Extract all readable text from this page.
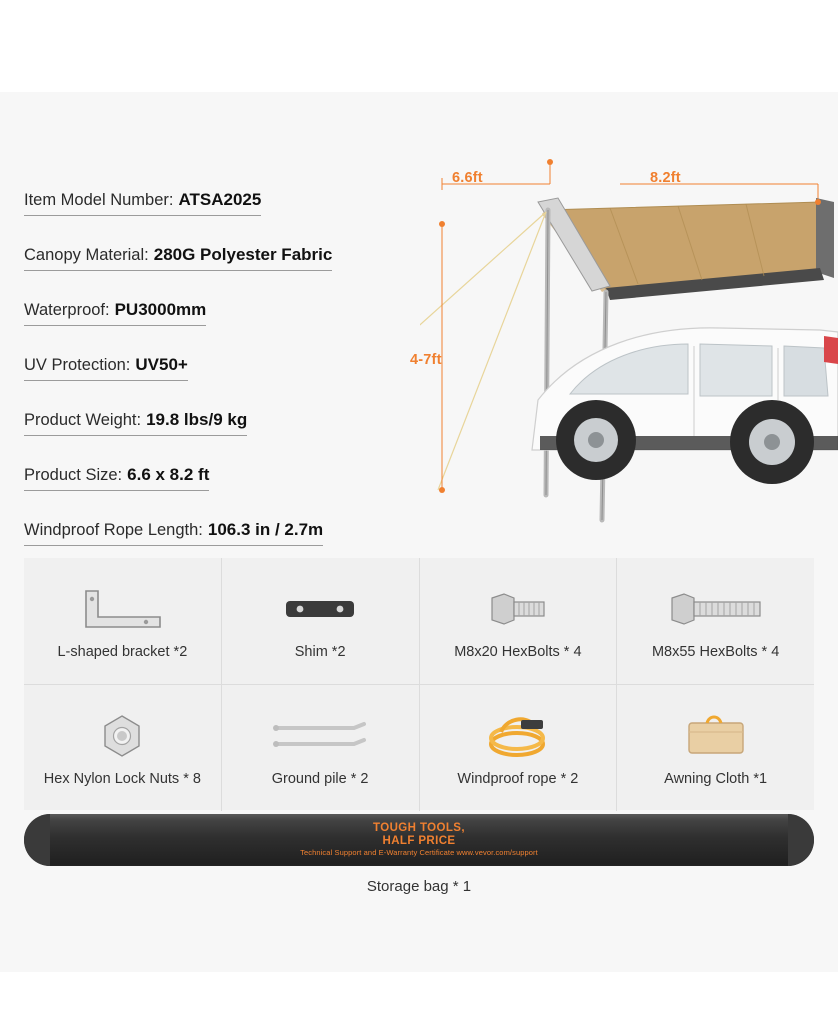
Item Model Number: ATSA2025

Canopy Material: 280G Polyester Fabric

Waterproof: PU3000mm

UV Protection: UV50+

Product Weight: 19.8 lbs/9 kg

Product Size: 6.6 x 8.2 ft

Windproof Rope Length: 106.3 in / 2.7m
6.6ft	8.2ft
4-7ft
L-shaped bracket *2	Shim *2	M8x20 HexBolts * 4	M8x55 HexBolts * 4
Hex Nylon Lock Nuts * 8	Ground pile * 2	Windproof rope * 2	Awning Cloth *1
TOUGH TOOLS,
HALF PRICE
Technical Support and E-Warranty Certificate www.vevor.com/support
Storage bag * 1
